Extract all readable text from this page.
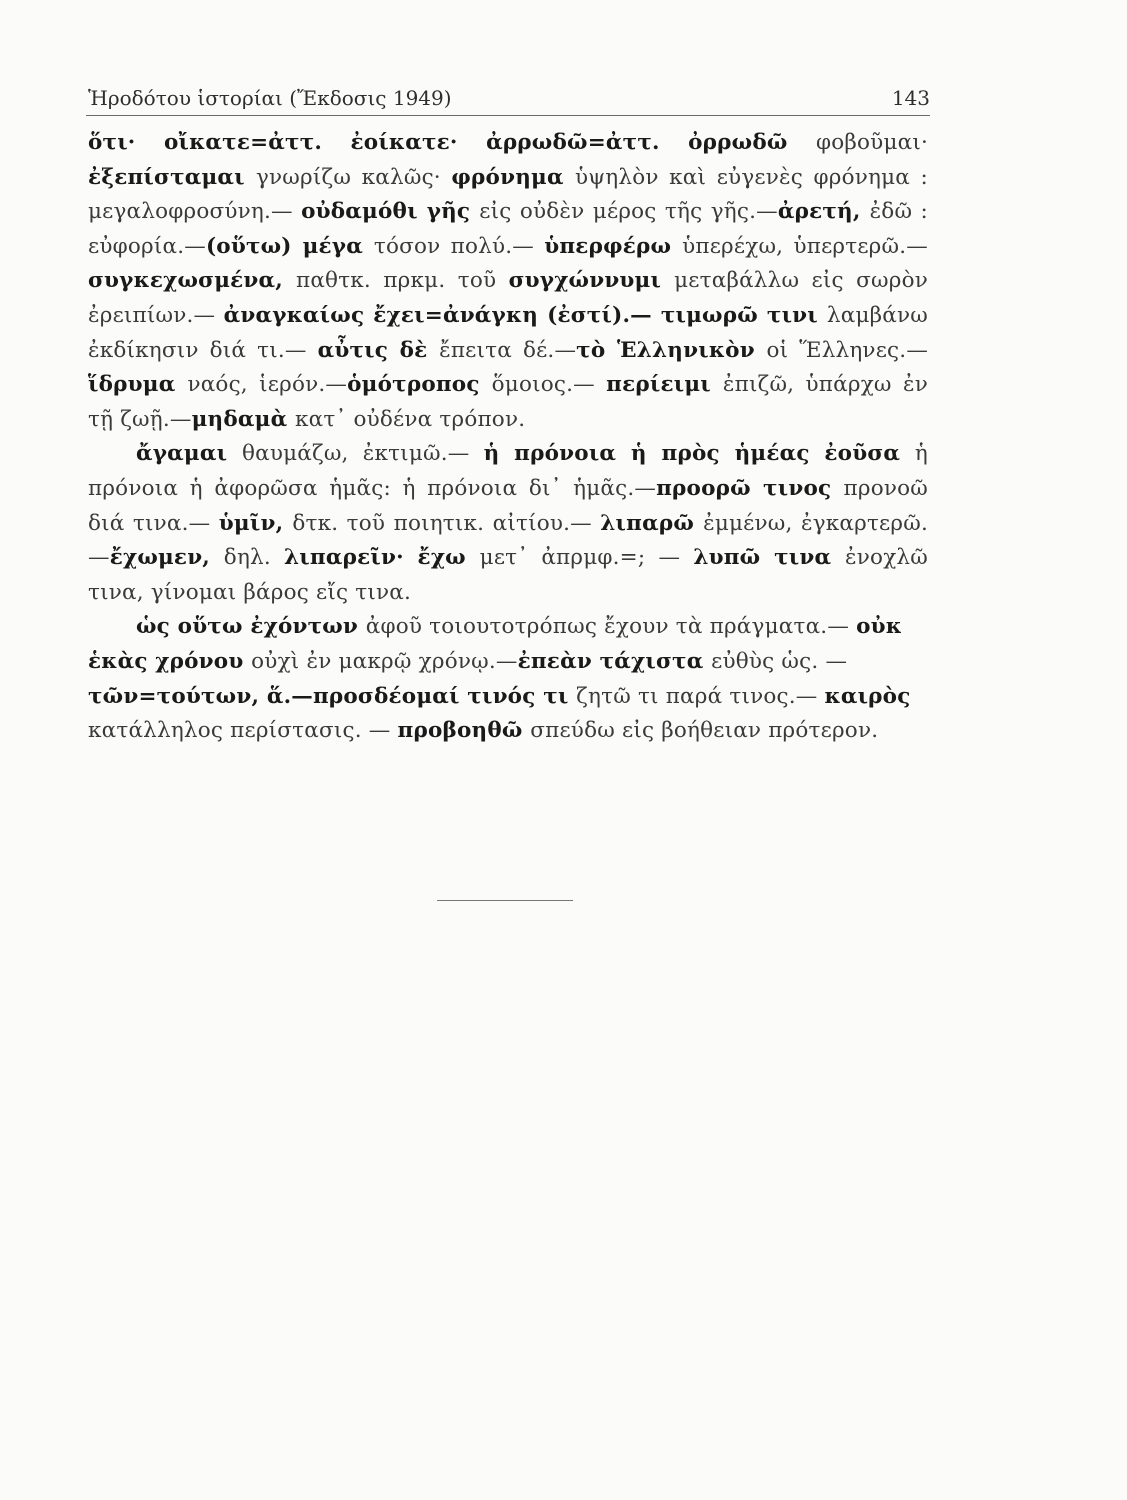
Ἡροδότου ἱστορίαι (Ἔκδοσις 1949)	143

ὅτι· οἴκατε=ἀττ. ἐοίκατε· ἀρρωδῶ=ἀττ. ὀρρωδῶ φοβοῦμαι· ἐξεπίσταμαι γνωρίζω καλῶς· φρόνημα ὑψηλὸν καὶ εὐγενὲς φρόνημα : μεγαλοφροσύνη.— οὐδαμόθι γῆς εἰς οὐδὲν μέρος τῆς γῆς.—ἀρετή, ἐδῶ : εὐφορία.—(οὕτω) μέγα τόσον πολύ.— ὑπερφέρω ὑπερέχω, ὑπερτερῶ.—συγκεχωσμένα, παθτκ. πρκμ. τοῦ συγχώννυμι μεταβάλλω εἰς σωρὸν ἐρειπίων.— ἀναγκαίως ἔχει=ἀνάγκη (ἐστί).— τιμωρῶ τινι λαμβάνω ἐκδίκησιν διά τι.— αὖτις δὲ ἔπειτα δέ.—τὸ Ἑλληνικὸν οἱ Ἕλληνες.—ἵδρυμα ναός, ἱερόν.—ὁμότροπος ὅμοιος.— περίειμι ἐπιζῶ, ὑπάρχω ἐν τῇ ζωῇ.—μηδαμὰ κατ᾽ οὐδένα τρόπον.

ἄγαμαι θαυμάζω, ἐκτιμῶ.— ἡ πρόνοια ἡ πρὸς ἡμέας ἐοῦσα ἡ πρόνοια ἡ ἀφορῶσα ἡμᾶς: ἡ πρόνοια δι᾽ ἡμᾶς.—προορῶ τινος προνοῶ διά τινα.— ὑμῖν, δτκ. τοῦ ποιητικ. αἰτίου.— λιπαρῶ ἐμμένω, ἐγκαρτερῶ.—ἔχωμεν, δηλ. λιπαρεῖν· ἔχω μετ᾽ ἀπρμφ.=; — λυπῶ τινα ἐνοχλῶ τινα, γίνομαι βάρος εἴς τινα.

ὡς οὕτω ἐχόντων ἀφοῦ τοιουτοτρόπως ἔχουν τὰ πράγματα.— οὐκ ἑκὰς χρόνου οὐχὶ ἐν μακρῷ χρόνῳ.—ἐπεὰν τάχιστα εὐθὺς ὡς. —τῶν=τούτων, ἅ.—προσδέομαί τινός τι ζητῶ τι παρά τινος.— καιρὸς κατάλληλος περίστασις. — προβοηθῶ σπεύδω εἰς βοήθειαν πρότερον.
